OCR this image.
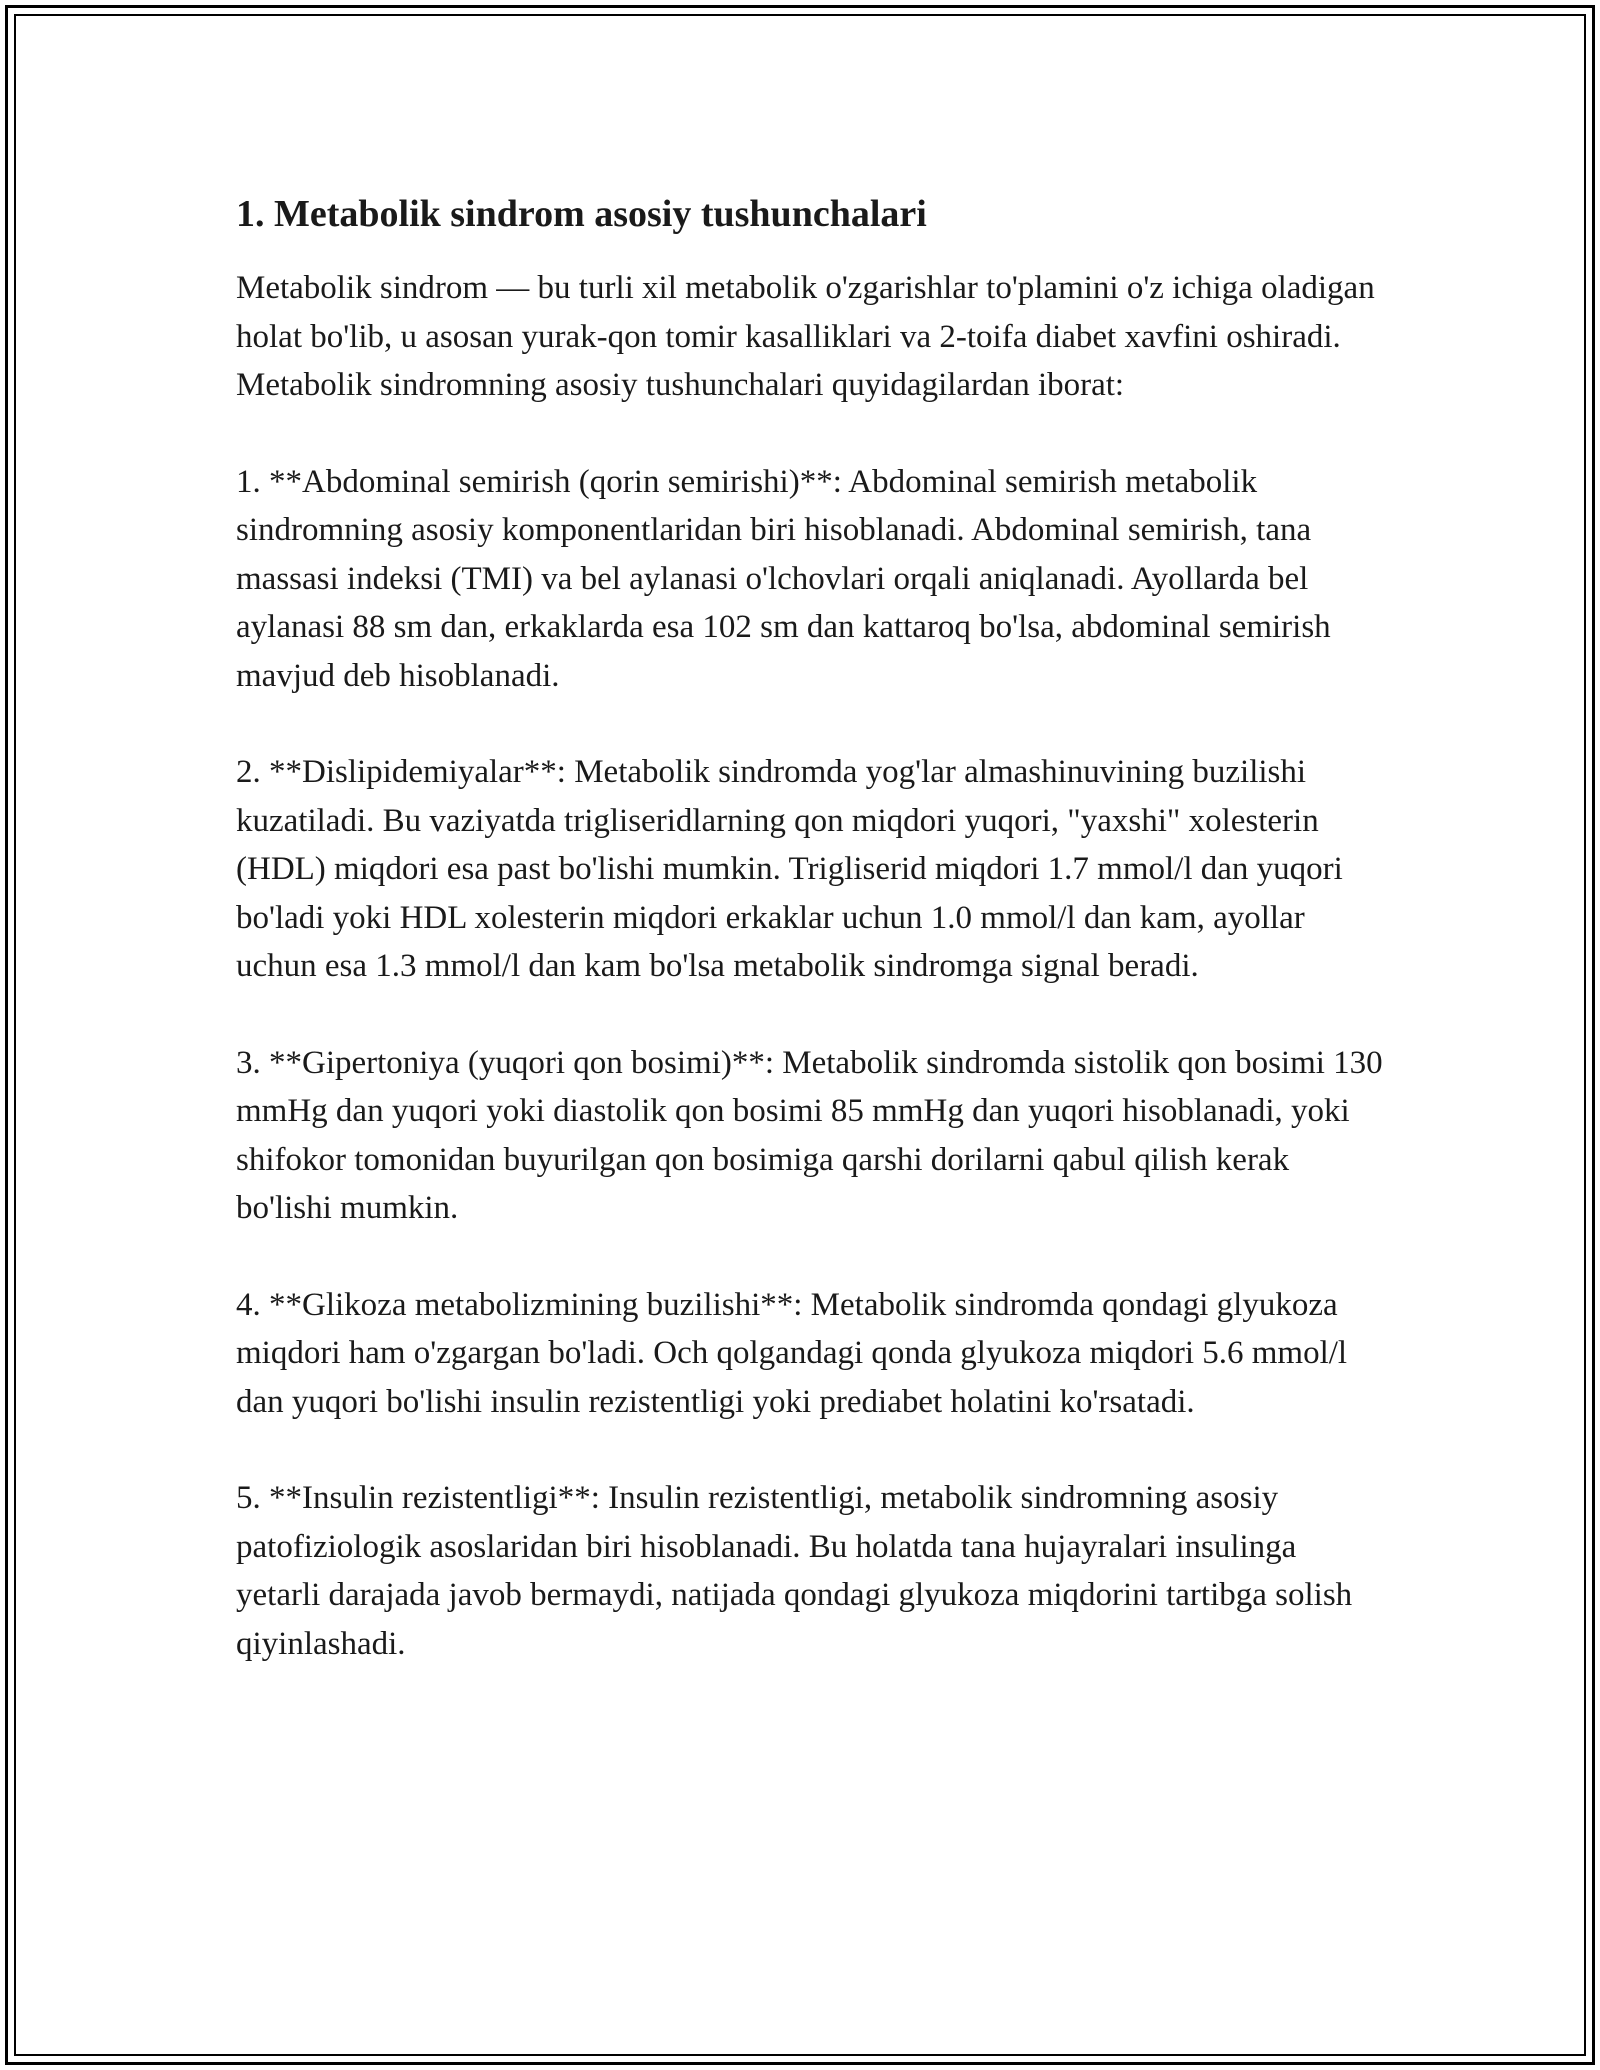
1. Metabolik sindrom asosiy tushunchalari

Metabolik sindrom — bu turli xil metabolik o'zgarishlar to'plamini o'z ichiga oladigan holat bo'lib, u asosan yurak-qon tomir kasalliklari va 2-toifa diabet xavfini oshiradi. Metabolik sindromning asosiy tushunchalari quyidagilardan iborat:

1. **Abdominal semirish (qorin semirishi)**: Abdominal semirish metabolik sindromning asosiy komponentlaridan biri hisoblanadi. Abdominal semirish, tana massasi indeksi (TMI) va bel aylanasi o'lchovlari orqali aniqlanadi. Ayollarda bel aylanasi 88 sm dan, erkaklarda esa 102 sm dan kattaroq bo'lsa, abdominal semirish mavjud deb hisoblanadi.

2. **Dislipidemiyalar**: Metabolik sindromda yog'lar almashinuvining buzilishi kuzatiladi. Bu vaziyatda trigliseridlarning qon miqdori yuqori, "yaxshi" xolesterin (HDL) miqdori esa past bo'lishi mumkin. Trigliserid miqdori 1.7 mmol/l dan yuqori bo'ladi yoki HDL xolesterin miqdori erkaklar uchun 1.0 mmol/l dan kam, ayollar uchun esa 1.3 mmol/l dan kam bo'lsa metabolik sindromga signal beradi.

3. **Gipertoniya (yuqori qon bosimi)**: Metabolik sindromda sistolik qon bosimi 130 mmHg dan yuqori yoki diastolik qon bosimi 85 mmHg dan yuqori hisoblanadi, yoki shifokor tomonidan buyurilgan qon bosimiga qarshi dorilarni qabul qilish kerak bo'lishi mumkin.

4. **Glikoza metabolizmining buzilishi**: Metabolik sindromda qondagi glyukoza miqdori ham o'zgargan bo'ladi. Och qolgandagi qonda glyukoza miqdori 5.6 mmol/l dan yuqori bo'lishi insulin rezistentligi yoki prediabet holatini ko'rsatadi.

5. **Insulin rezistentligi**: Insulin rezistentligi, metabolik sindromning asosiy patofiziologik asoslaridan biri hisoblanadi. Bu holatda tana hujayralari insulinga yetarli darajada javob bermaydi, natijada qondagi glyukoza miqdorini tartibga solish qiyinlashadi.
